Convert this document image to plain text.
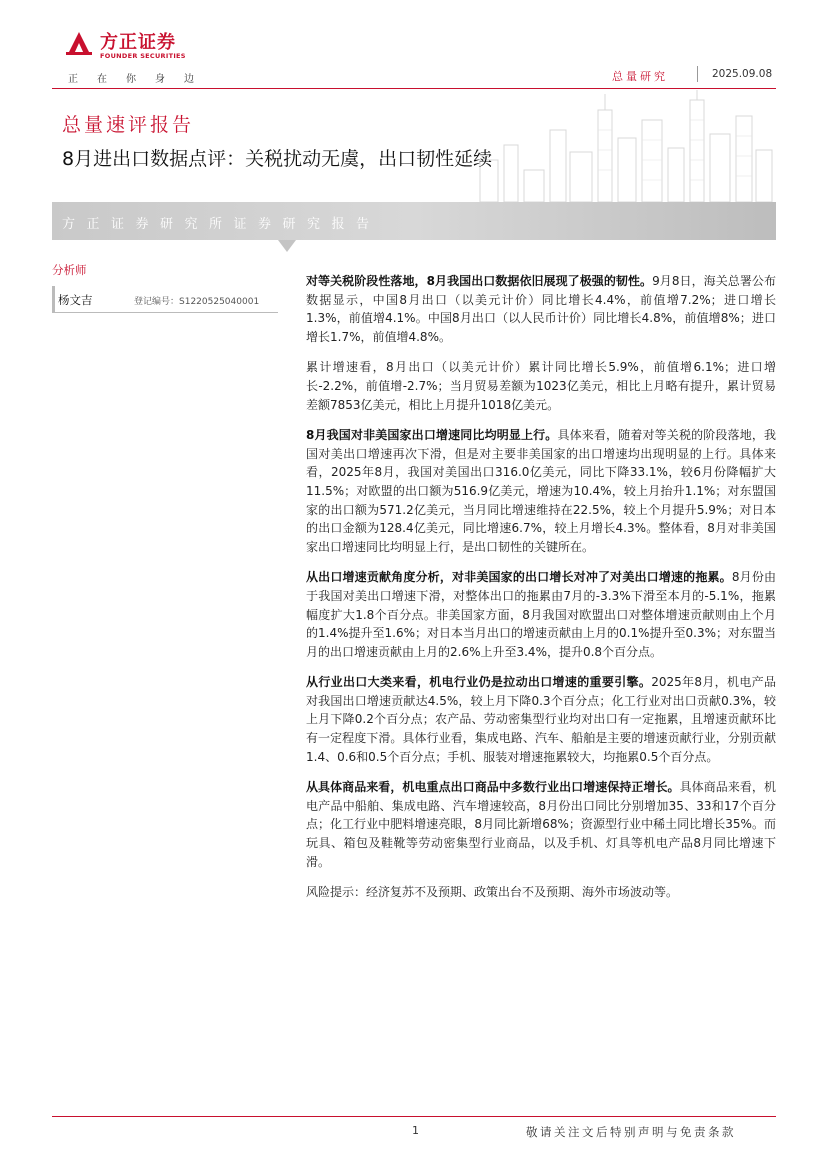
方正证券
FOUNDER SECURITIES
正在你身边	总量研究	2025.09.08
总量速评报告
8月进出口数据点评：关税扰动无虞，出口韧性延续
方正证券研究所证券研究报告
分析师
杨文吉	登记编号：S1220525040001

对等关税阶段性落地，8月我国出口数据依旧展现了极强的韧性。9月8日，海关总署公布数据显示，中国8月出口（以美元计价）同比增长4.4%，前值增7.2%；进口增长1.3%，前值增4.1%。中国8月出口（以人民币计价）同比增长4.8%，前值增8%；进口增长1.7%，前值增4.8%。

累计增速看，8月出口（以美元计价）累计同比增长5.9%，前值增6.1%；进口增长-2.2%，前值增-2.7%；当月贸易差额为1023亿美元，相比上月略有提升，累计贸易差额7853亿美元，相比上月提升1018亿美元。

8月我国对非美国家出口增速同比均明显上行。具体来看，随着对等关税的阶段落地，我国对美出口增速再次下滑，但是对主要非美国家的出口增速均出现明显的上行。具体来看，2025年8月，我国对美国出口316.0亿美元，同比下降33.1%，较6月份降幅扩大11.5%；对欧盟的出口额为516.9亿美元，增速为10.4%，较上月抬升1.1%；对东盟国家的出口额为571.2亿美元，当月同比增速维持在22.5%，较上个月提升5.9%；对日本的出口金额为128.4亿美元，同比增速6.7%，较上月增长4.3%。整体看，8月对非美国家出口增速同比均明显上行，是出口韧性的关键所在。

从出口增速贡献角度分析，对非美国家的出口增长对冲了对美出口增速的拖累。8月份由于我国对美出口增速下滑，对整体出口的拖累由7月的-3.3%下滑至本月的-5.1%，拖累幅度扩大1.8个百分点。非美国家方面，8月我国对欧盟出口对整体增速贡献则由上个月的1.4%提升至1.6%；对日本当月出口的增速贡献由上月的0.1%提升至0.3%；对东盟当月的出口增速贡献由上月的2.6%上升至3.4%，提升0.8个百分点。

从行业出口大类来看，机电行业仍是拉动出口增速的重要引擎。2025年8月，机电产品对我国出口增速贡献达4.5%，较上月下降0.3个百分点；化工行业对出口贡献0.3%，较上月下降0.2个百分点；农产品、劳动密集型行业均对出口有一定拖累，且增速贡献环比有一定程度下滑。具体行业看，集成电路、汽车、船舶是主要的增速贡献行业，分别贡献1.4、0.6和0.5个百分点；手机、服装对增速拖累较大，均拖累0.5个百分点。

从具体商品来看，机电重点出口商品中多数行业出口增速保持正增长。具体商品来看，机电产品中船舶、集成电路、汽车增速较高，8月份出口同比分别增加35、33和17个百分点；化工行业中肥料增速亮眼，8月同比新增68%；资源型行业中稀土同比增长35%。而玩具、箱包及鞋靴等劳动密集型行业商品，以及手机、灯具等机电产品8月同比增速下滑。

风险提示：经济复苏不及预期、政策出台不及预期、海外市场波动等。

1	敬请关注文后特别声明与免责条款
